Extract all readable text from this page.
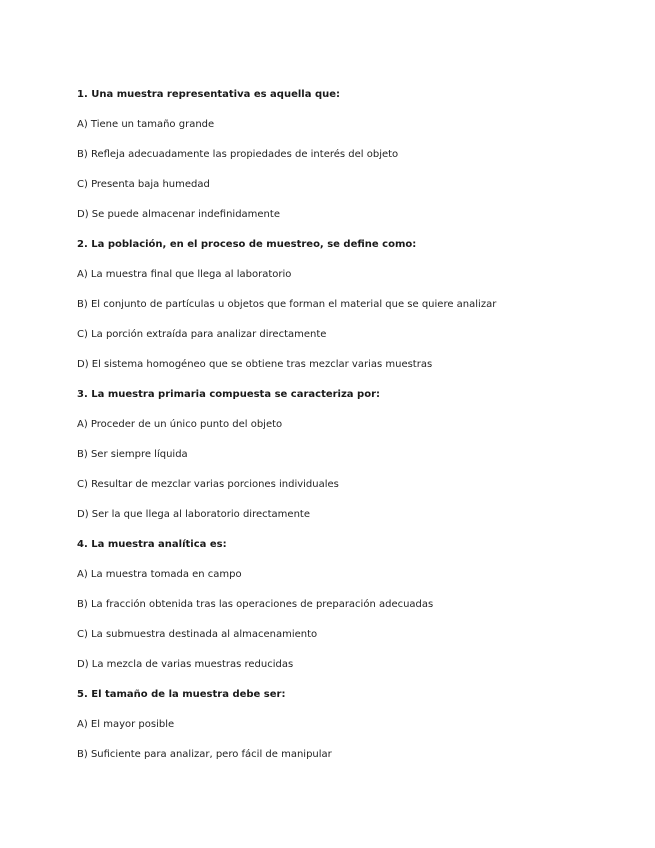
1. Una muestra representativa es aquella que:
A) Tiene un tamaño grande
B) Refleja adecuadamente las propiedades de interés del objeto
C) Presenta baja humedad
D) Se puede almacenar indefinidamente
2. La población, en el proceso de muestreo, se define como:
A) La muestra final que llega al laboratorio
B) El conjunto de partículas u objetos que forman el material que se quiere analizar
C) La porción extraída para analizar directamente
D) El sistema homogéneo que se obtiene tras mezclar varias muestras
3. La muestra primaria compuesta se caracteriza por:
A) Proceder de un único punto del objeto
B) Ser siempre líquida
C) Resultar de mezclar varias porciones individuales
D) Ser la que llega al laboratorio directamente
4. La muestra analítica es:
A) La muestra tomada en campo
B) La fracción obtenida tras las operaciones de preparación adecuadas
C) La submuestra destinada al almacenamiento
D) La mezcla de varias muestras reducidas
5. El tamaño de la muestra debe ser:
A) El mayor posible
B) Suficiente para analizar, pero fácil de manipular
